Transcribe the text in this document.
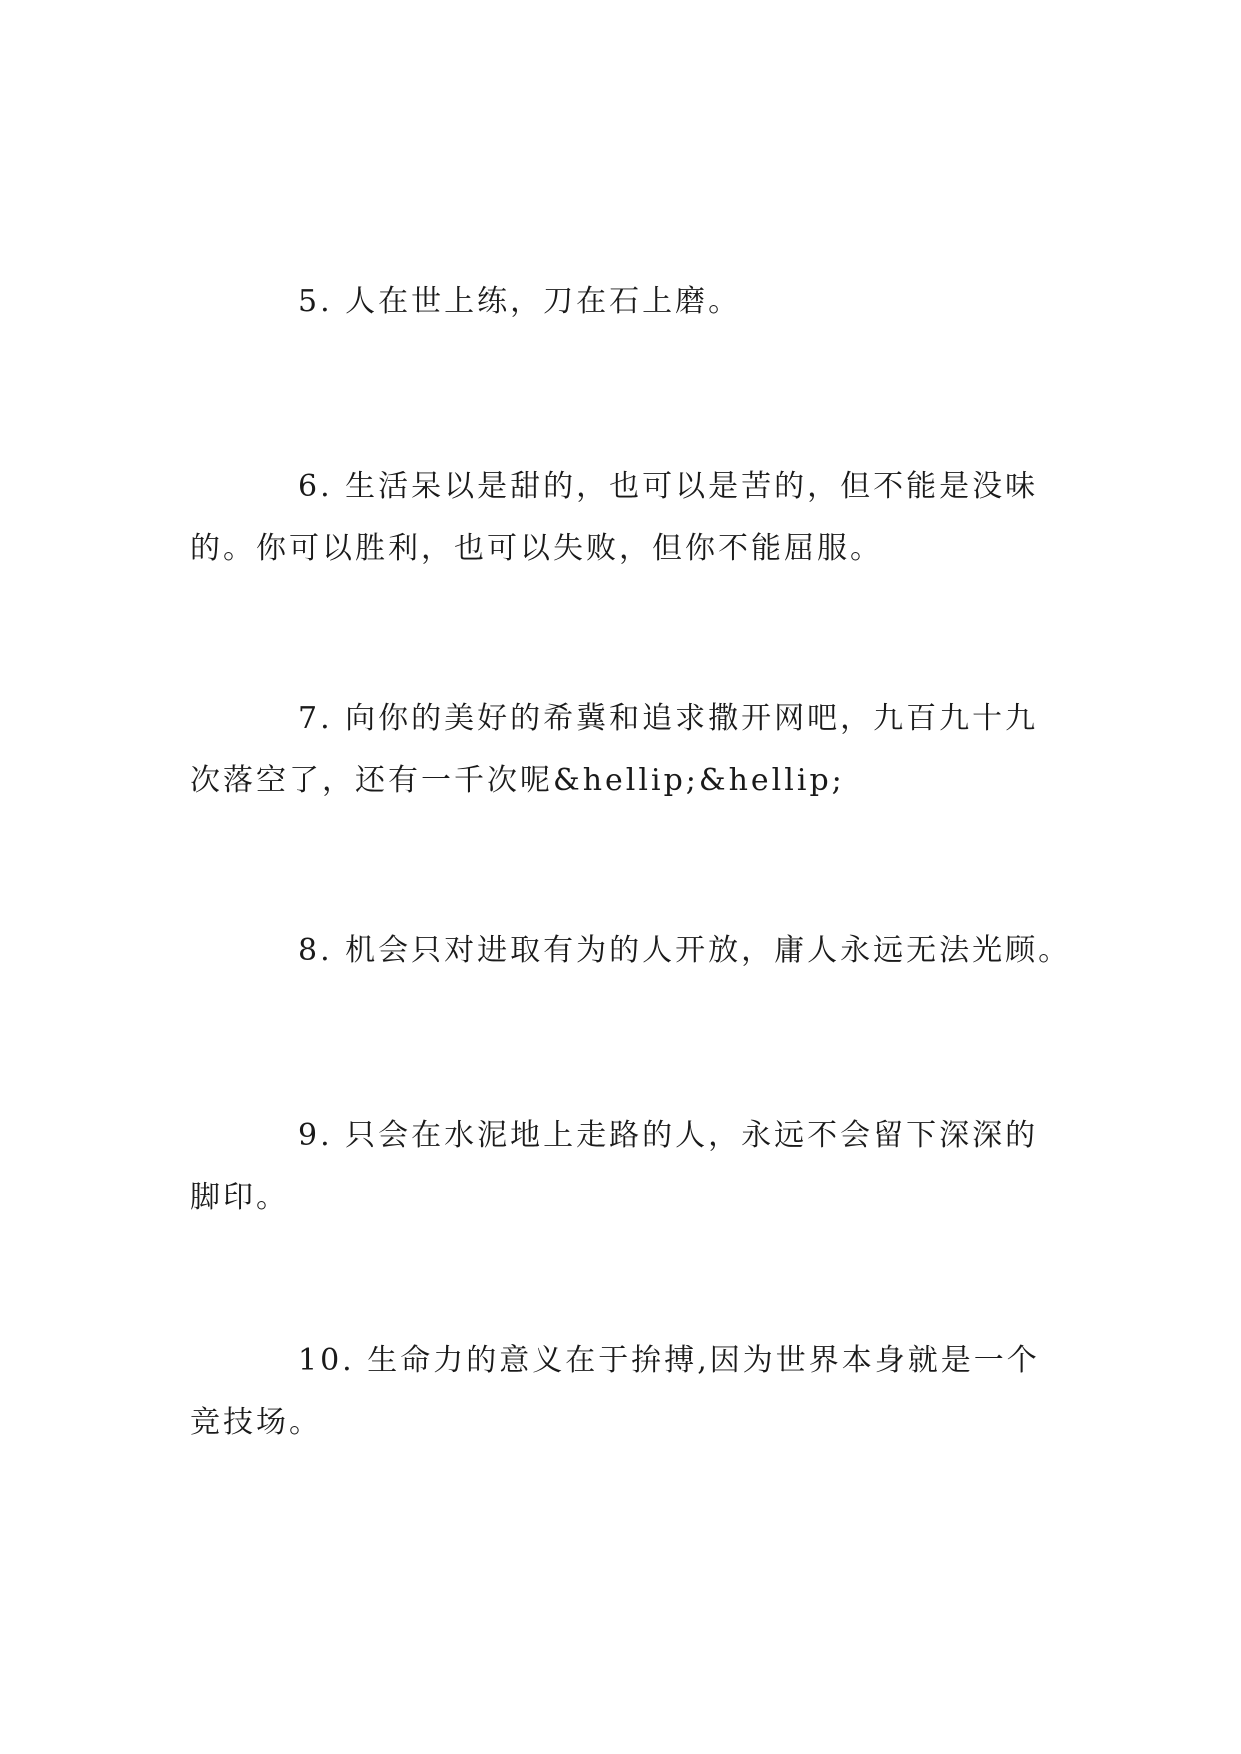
5. 人在世上练，刀在石上磨。

6. 生活呆以是甜的，也可以是苦的，但不能是没味
的。你可以胜利，也可以失败，但你不能屈服。

7. 向你的美好的希冀和追求撒开网吧，九百九十九
次落空了，还有一千次呢&hellip;&hellip;

8. 机会只对进取有为的人开放，庸人永远无法光顾。

9. 只会在水泥地上走路的人，永远不会留下深深的
脚印。

10. 生命力的意义在于拚搏,因为世界本身就是一个
竞技场。
